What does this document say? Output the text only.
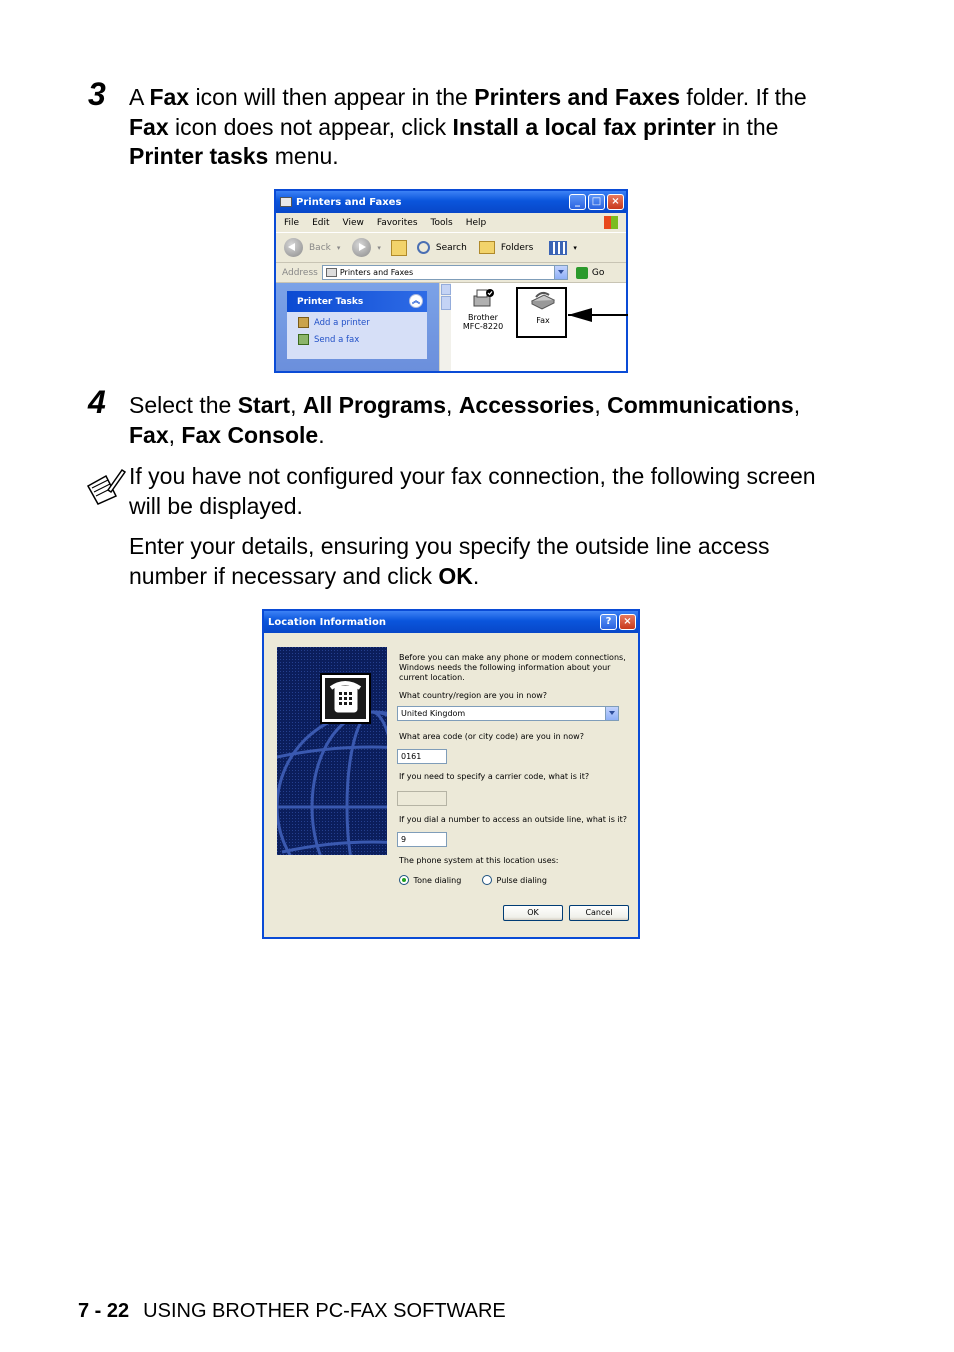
3 A Fax icon will then appear in the Printers and Faxes folder. If the Fax icon does not appear, click Install a local fax printer in the Printer tasks menu.
Printers and Faxes	_	□	×
File Edit View Favorites Tools Help
Back ▾	▾	Search	Folders	▾
Address	Printers and Faxes	Go
Printer Tasks	︽
Add a printer
Send a fax
Brother
MFC-8220
Fax
4 Select the Start, All Programs, Accessories, Communications, Fax, Fax Console.
If you have not configured your fax connection, the following screen will be displayed.
Enter your details, ensuring you specify the outside line access number if necessary and click OK.
Location Information	?	×
Before you can make any phone or modem connections, Windows needs the following information about your current location.
What country/region are you in now?
United Kingdom
What area code (or city code) are you in now?
0161
If you need to specify a carrier code, what is it?
If you dial a number to access an outside line, what is it?
9
The phone system at this location uses:
Tone dialing	Pulse dialing
OK	Cancel
7 - 22 USING BROTHER PC-FAX SOFTWARE
